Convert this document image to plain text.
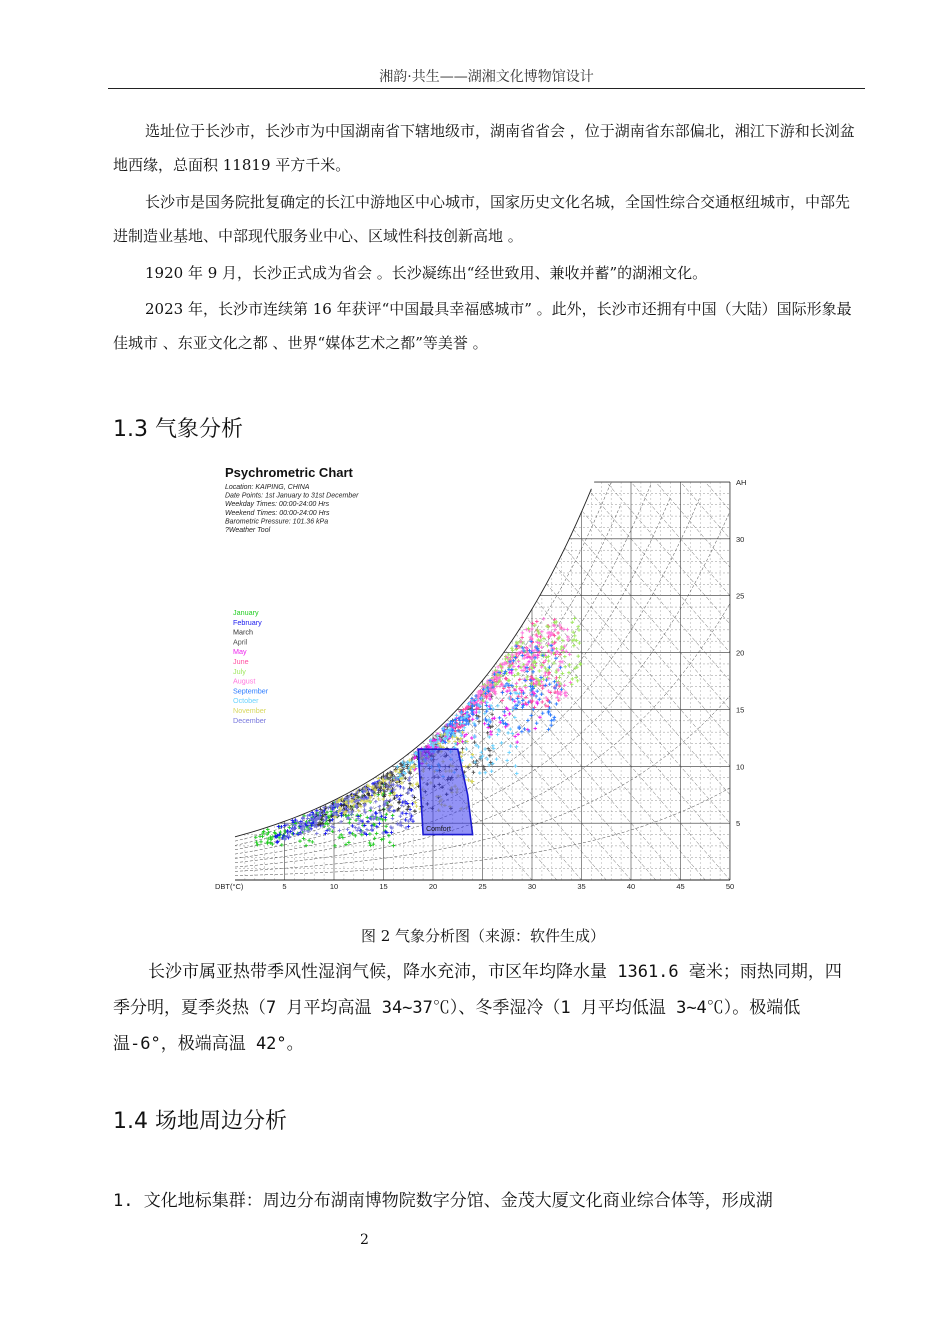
湘韵·共生——湖湘文化博物馆设计

选址位于长沙市，长沙市为中国湖南省下辖地级市，湖南省省会 ，位于湖南省东部偏北，湘江下游和长浏盆地西缘，总面积 11819 平方千米。

长沙市是国务院批复确定的长江中游地区中心城市，国家历史文化名城，全国性综合交通枢纽城市，中部先进制造业基地、中部现代服务业中心、区域性科技创新高地 。

1920 年 9 月，长沙正式成为省会 。长沙凝练出“经世致用、兼收并蓄”的湖湘文化。

2023 年，长沙市连续第 16 年获评“中国最具幸福感城市” 。此外，长沙市还拥有中国（大陆）国际形象最佳城市 、东亚文化之都 、世界“媒体艺术之都”等美誉 。

1.3 气象分析
Comfort
5	10	15	20	25	30	35	40	45	50
DBT(°C)
5
10
15
20
25
30
AH
January
February
March
April
May
June
July
August
September
October
November
December
Psychrometric Chart
Location: KAIPING, CHINA
Date Points: 1st January to 31st December
Weekday Times: 00:00-24:00 Hrs
Weekend Times: 00:00-24:00 Hrs
Barometric Pressure: 101.36 kPa
?Weather Tool
图 2 气象分析图（来源：软件生成）

长沙市属亚热带季风性湿润气候，降水充沛，市区年均降水量 1361.6 毫米；雨热同期，四季分明，夏季炎热（7 月平均高温 34~37℃）、冬季湿冷（1 月平均低温 3~4℃）。极端低温-6°，极端高温 42°。

1.4 场地周边分析

1. 文化地标集群：周边分布湖南博物院数字分馆、金茂大厦文化商业综合体等，形成湖

2
